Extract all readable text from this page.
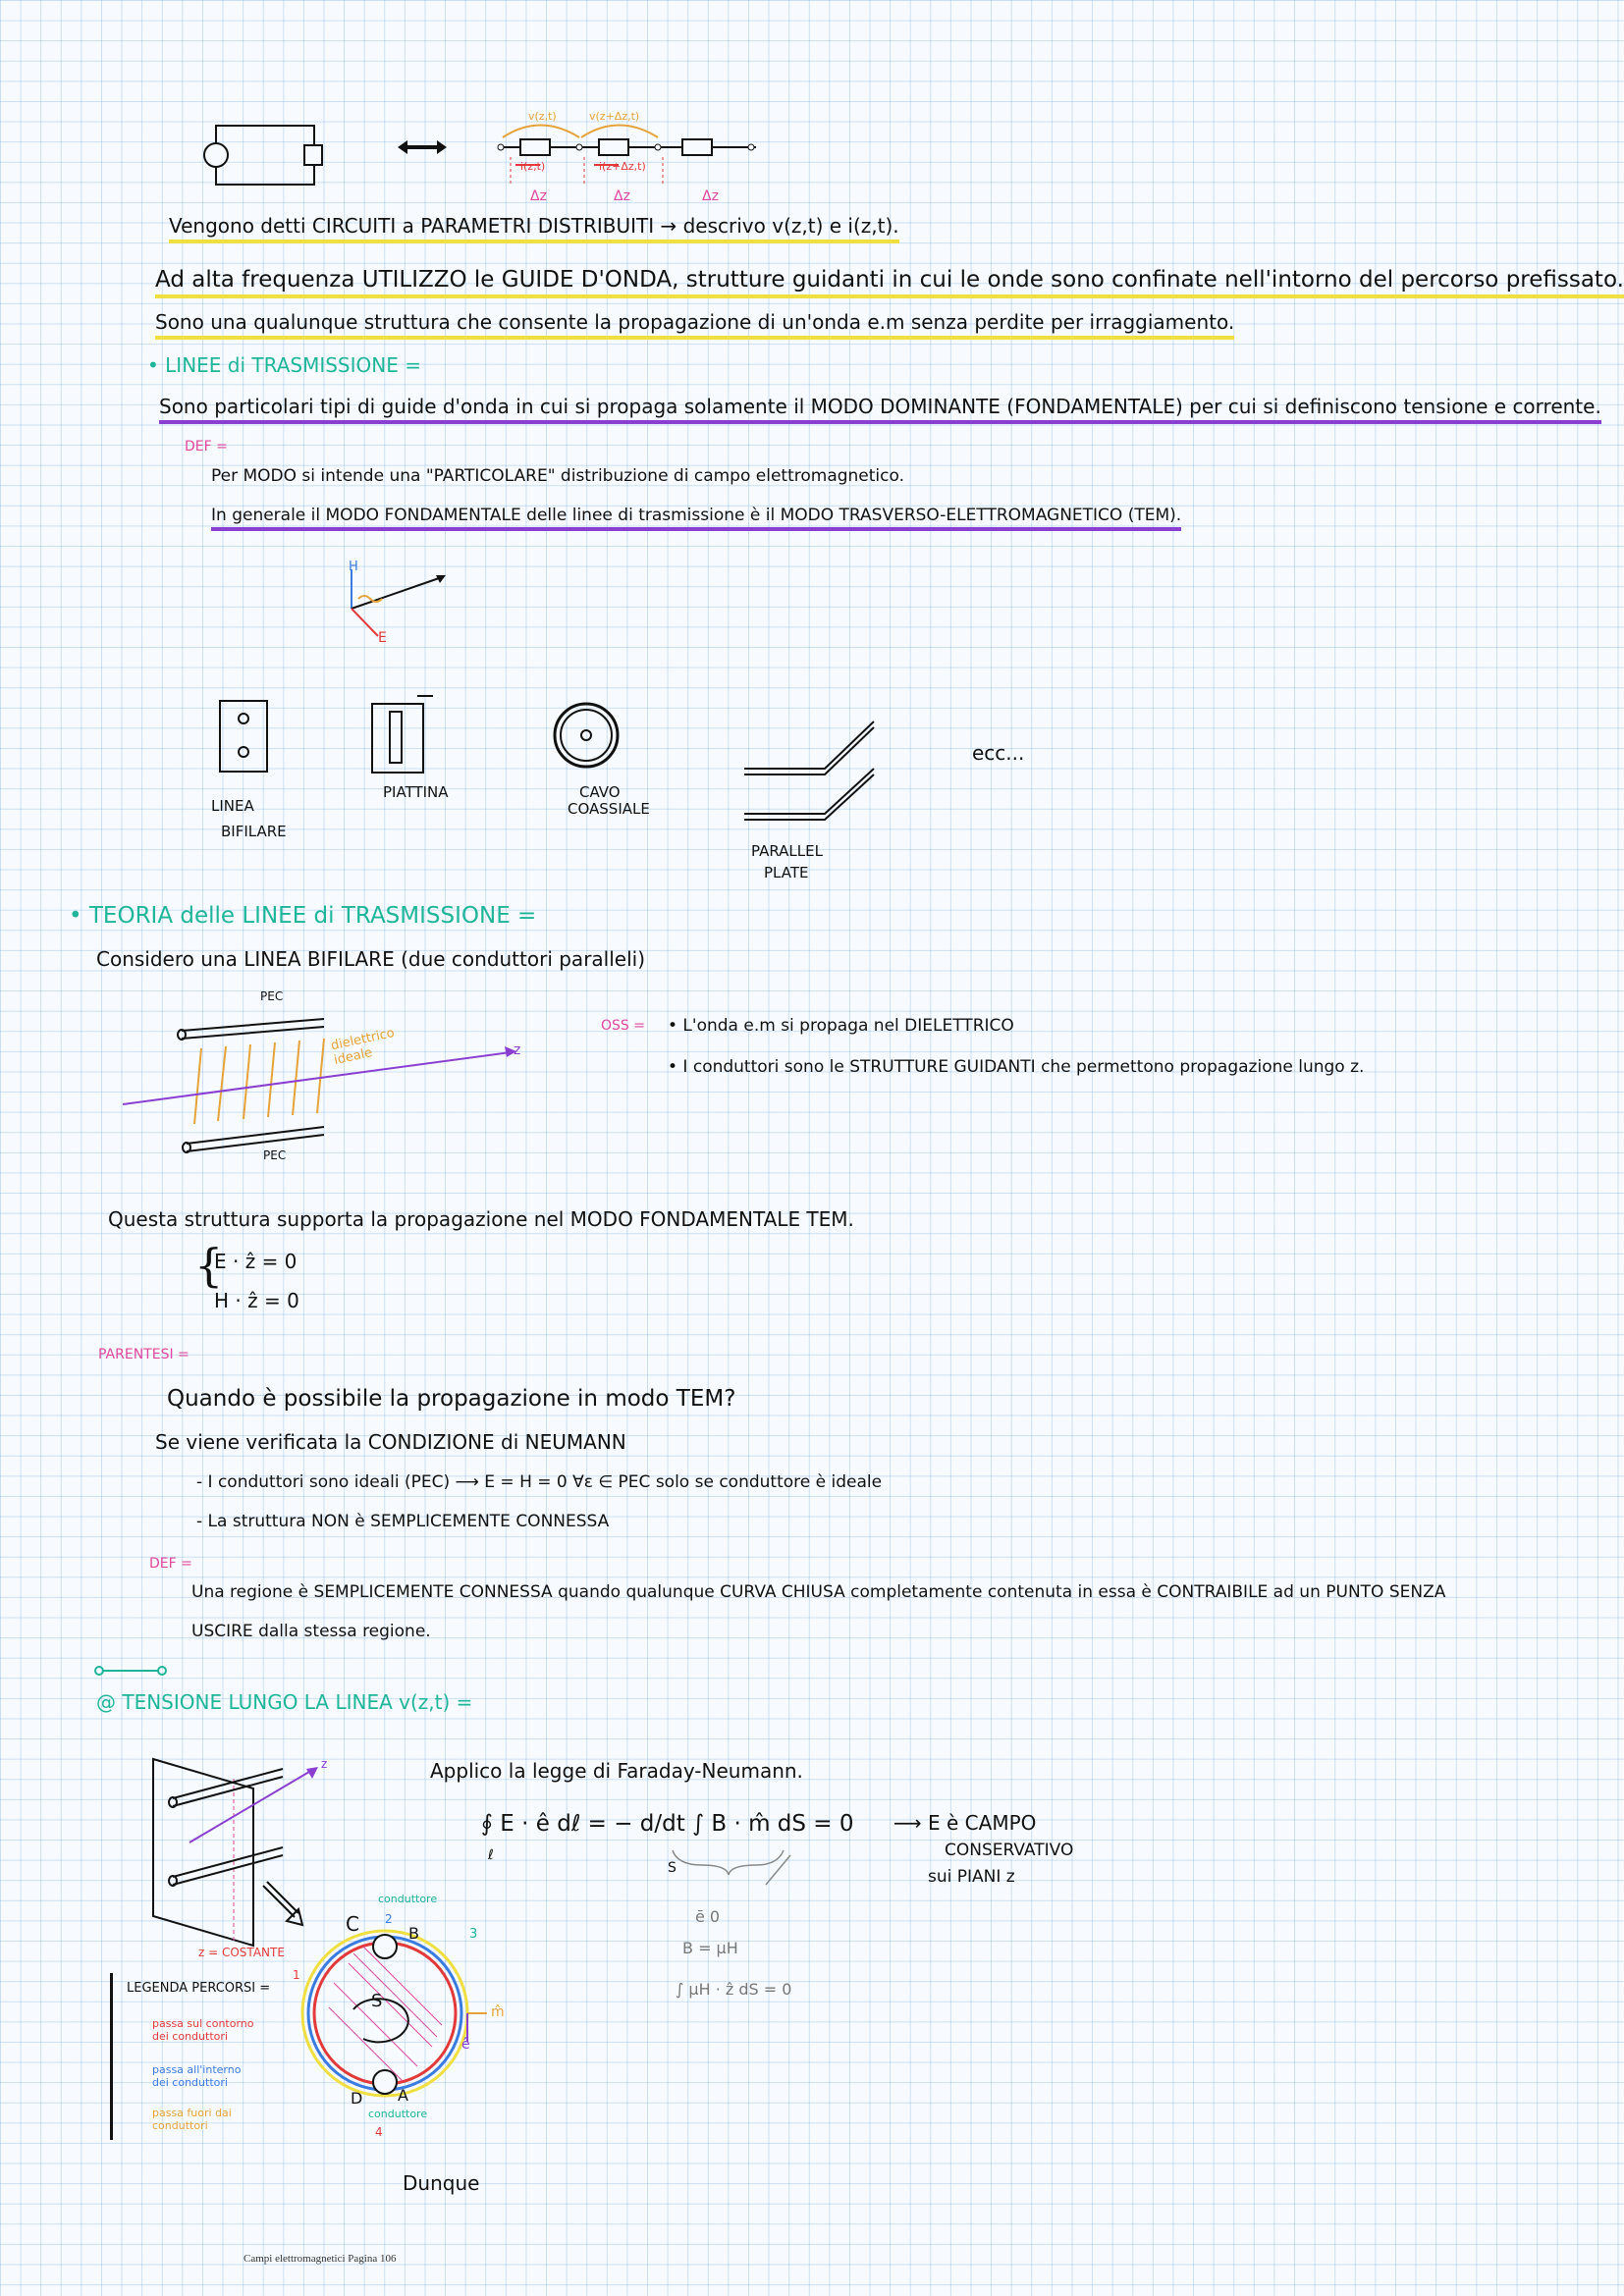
v(z,t)	v(z+Δz,t)
i(z,t)	i(z+Δz,t)
Δz	Δz	Δz
Vengono detti CIRCUITI a PARAMETRI DISTRIBUITI → descrivo v(z,t) e i(z,t).
Ad alta frequenza UTILIZZO le GUIDE D'ONDA, strutture guidanti in cui le onde sono confinate nell'intorno del percorso prefissato.
Sono una qualunque struttura che consente la propagazione di un'onda e.m senza perdite per irraggiamento.
• LINEE di TRASMISSIONE =
Sono particolari tipi di guide d'onda in cui si propaga solamente il MODO DOMINANTE (FONDAMENTALE) per cui si definiscono tensione e corrente.
DEF =
Per MODO si intende una "PARTICOLARE" distribuzione di campo elettromagnetico.
In generale il MODO FONDAMENTALE delle linee di trasmissione è il MODO TRASVERSO-ELETTROMAGNETICO (TEM).
H
E
LINEA
BIFILARE
PIATTINA	CAVO
COASSIALE
PARALLEL
PLATE
ecc...
• TEORIA delle LINEE di TRASMISSIONE =
Considero una LINEA BIFILARE (due conduttori paralleli)
PEC
PEC
dielettrico ideale	z
OSS = • L'onda e.m si propaga nel DIELETTRICO
• I conduttori sono le STRUTTURE GUIDANTI che permettono propagazione lungo z.
Questa struttura supporta la propagazione nel MODO FONDAMENTALE TEM.
{
E · ẑ = 0
H · ẑ = 0
PARENTESI =
Quando è possibile la propagazione in modo TEM?
Se viene verificata la CONDIZIONE di NEUMANN
- I conduttori sono ideali (PEC) ⟶ E = H = 0 ∀ε ∈ PEC solo se conduttore è ideale
- La struttura NON è SEMPLICEMENTE CONNESSA
DEF =
Una regione è SEMPLICEMENTE CONNESSA quando qualunque CURVA CHIUSA completamente contenuta in essa è CONTRAIBILE ad un PUNTO SENZA
USCIRE dalla stessa regione.
@ TENSIONE LUNGO LA LINEA v(z,t) =
z
z = COSTANTE
C	B
D A
S
conduttore
conduttore
3
2
1
4
m̂
ê
LEGENDA PERCORSI =
passa sul contorno dei conduttori
passa all'interno dei conduttori
passa fuori dai conduttori
Applico la legge di Faraday-Neumann.
∮ E · ê dℓ = − d/dt ∫ B · m̂ dS = 0
ℓ
S
ē 0
B = μH
∫ μH · ẑ dS = 0
⟶ E è CAMPO
CONSERVATIVO
sui PIANI z
Dunque
Campi elettromagnetici Pagina 106
